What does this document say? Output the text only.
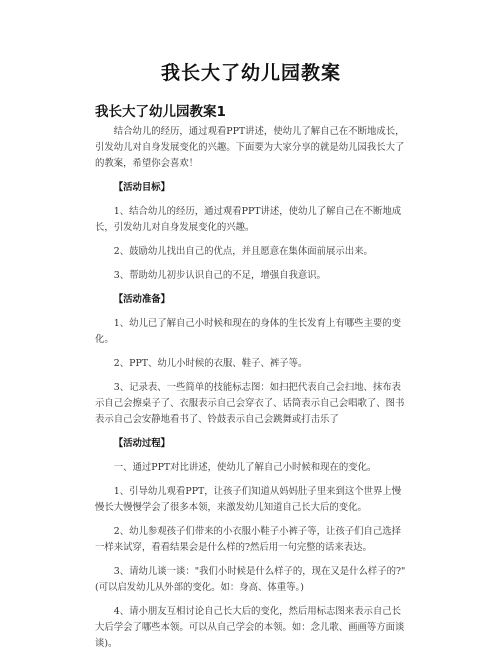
我长大了幼儿园教案
我长大了幼儿园教案1

结合幼儿的经历，通过观看PPT讲述，使幼儿了解自己在不断地成长，引发幼儿对自身发展变化的兴趣。下面要为大家分享的就是幼儿园我长大了的教案，希望你会喜欢！

【活动目标】

1、结合幼儿的经历，通过观看PPT讲述，使幼儿了解自己在不断地成长，引发幼儿对自身发展变化的兴趣。

2、鼓励幼儿找出自己的优点，并且愿意在集体面前展示出来。

3、帮助幼儿初步认识自己的不足，增强自我意识。

【活动准备】

1、幼儿已了解自己小时候和现在的身体的生长发育上有哪些主要的变化。

2、PPT、幼儿小时候的衣服、鞋子、裤子等。

3、记录表、一些简单的技能标志图：如扫把代表自己会扫地、抹布表示自己会擦桌子了、衣服表示自己会穿衣了、话筒表示自己会唱歌了、图书表示自己会安静地看书了、铃鼓表示自己会跳舞或打击乐了

【活动过程】

一、通过PPT对比讲述，使幼儿了解自己小时候和现在的变化。

1、引导幼儿观看PPT，让孩子们知道从妈妈肚子里来到这个世界上慢慢长大慢慢学会了很多本领，来激发幼儿知道自己长大后的变化。

2、幼儿参观孩子们带来的小衣服小鞋子小裤子等，让孩子们自己选择一样来试穿，看看结果会是什么样的?然后用一句完整的话来表达。

3、请幼儿谈一谈："我们小时候是什么样子的，现在又是什么样子的?"(可以启发幼儿从外部的变化。如：身高、体重等。)

4、请小朋友互相讨论自己长大后的变化，然后用标志图来表示自己长大后学会了哪些本领。可以从自己学会的本领。如：念儿歌、画画等方面谈谈)。
